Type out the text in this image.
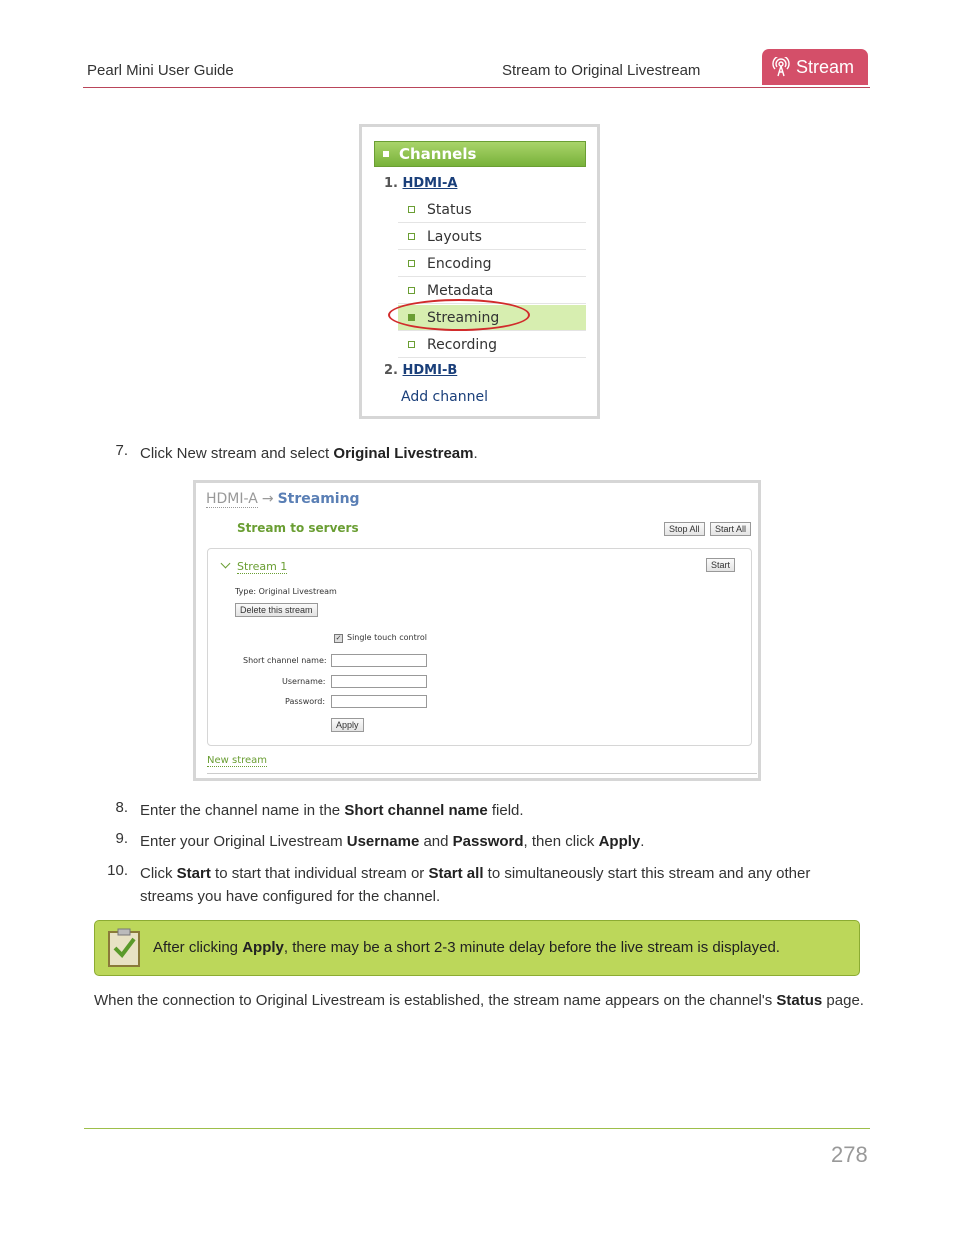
Pearl Mini User Guide	Stream to Original Livestream	Stream
Channels
1. HDMI-A
Status
Layouts
Encoding
Metadata
Streaming
Recording
2. HDMI-B
Add channel
7. Click New stream and select Original Livestream.
HDMI-A → Streaming
Stream to servers	Stop All	Start All
Stream 1	Start
Type: Original Livestream
Delete this stream
✓ Single touch control
Short channel name:
Username:
Password:
Apply
New stream
8. Enter the channel name in the Short channel name field.
9. Enter your Original Livestream Username and Password, then click Apply.
10. Click Start to start that individual stream or Start all to simultaneously start this stream and any other streams you have configured for the channel.
After clicking Apply, there may be a short 2-3 minute delay before the live stream is displayed.
When the connection to Original Livestream is established, the stream name appears on the channel's Status page.
278
